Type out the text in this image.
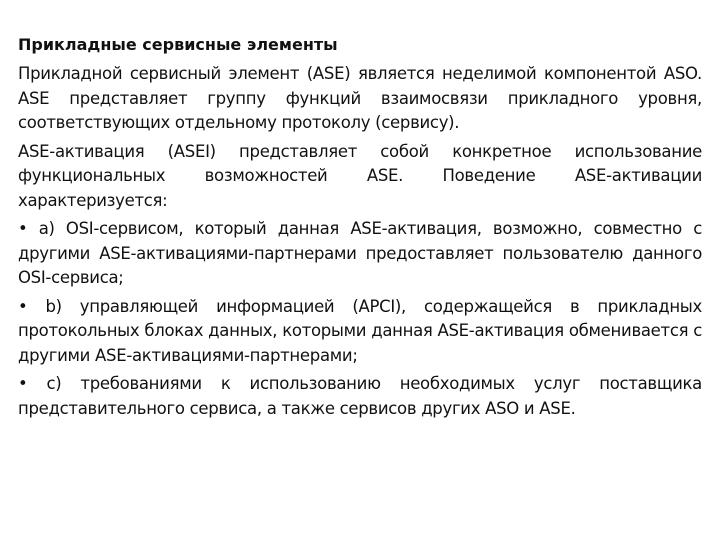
Прикладные сервисные элементы

Прикладной сервисный элемент (ASE) является неделимой компонентой ASO. ASE представляет группу функций взаимосвязи прикладного уровня, соответствующих отдельному протоколу (сервису).

ASE-активация (ASEI) представляет собой конкретное использование функциональных возможностей ASE. Поведение ASE-активации характеризуется:

• а) OSI-сервисом, который данная ASE-активация, возможно, совместно с другими ASE-активациями-партнерами предоставляет пользователю данного OSI-сервиса;

• b) управляющей информацией (APCI), содержащейся в прикладных протокольных блоках данных, которыми данная ASE-активация обменивается с другими ASE-активациями-партнерами;

• c) требованиями к использованию необходимых услуг поставщика представительного сервиса, а также сервисов других ASO и ASE.
